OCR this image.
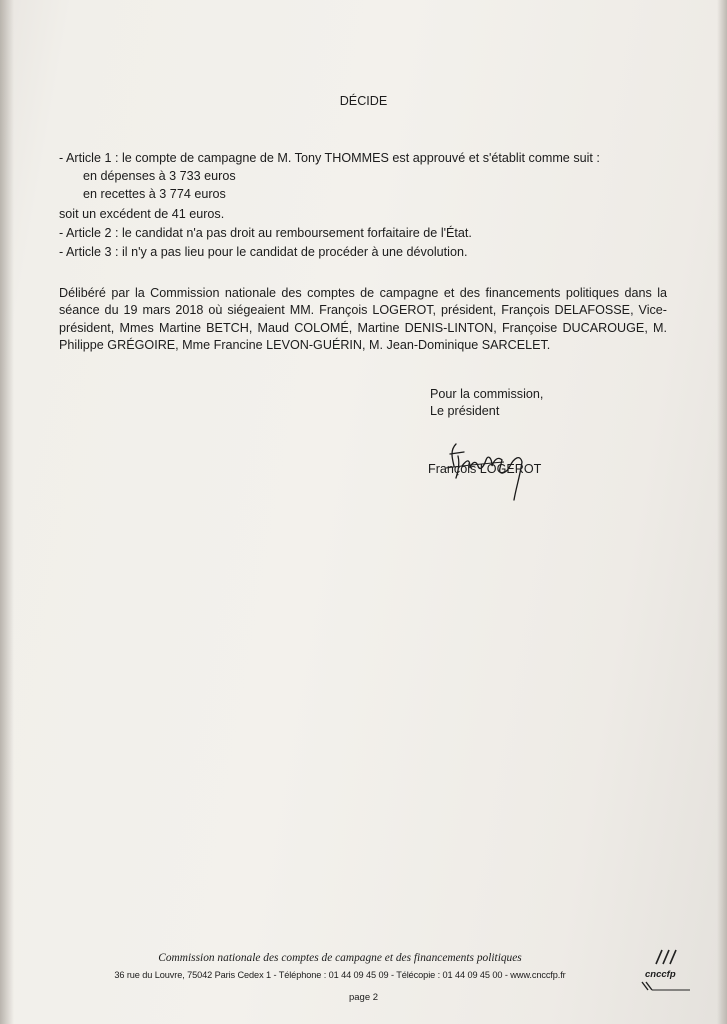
DÉCIDE
- Article 1 : le compte de campagne de M. Tony THOMMES est approuvé et s'établit comme suit :
en dépenses à 3 733 euros
en recettes à 3 774 euros
soit un excédent de 41 euros.
- Article 2 : le candidat n'a pas droit au remboursement forfaitaire de l'État.
- Article 3 : il n'y a pas lieu pour le candidat de procéder à une dévolution.
Délibéré par la Commission nationale des comptes de campagne et des financements politiques dans la séance du 19 mars 2018 où siégeaient MM. François LOGEROT, président, François DELAFOSSE, Vice-président, Mmes Martine BETCH, Maud COLOMÉ, Martine DENIS-LINTON, Françoise DUCAROUGE, M. Philippe GRÉGOIRE, Mme Francine LEVON-GUÉRIN, M. Jean-Dominique SARCELET.
Pour la commission,
Le président
François LOGEROT
Commission nationale des comptes de campagne et des financements politiques
36 rue du Louvre, 75042 Paris Cedex 1 - Téléphone : 01 44 09 45 09 - Télécopie : 01 44 09 45 00 - www.cnccfp.fr
page 2
cnccfp
